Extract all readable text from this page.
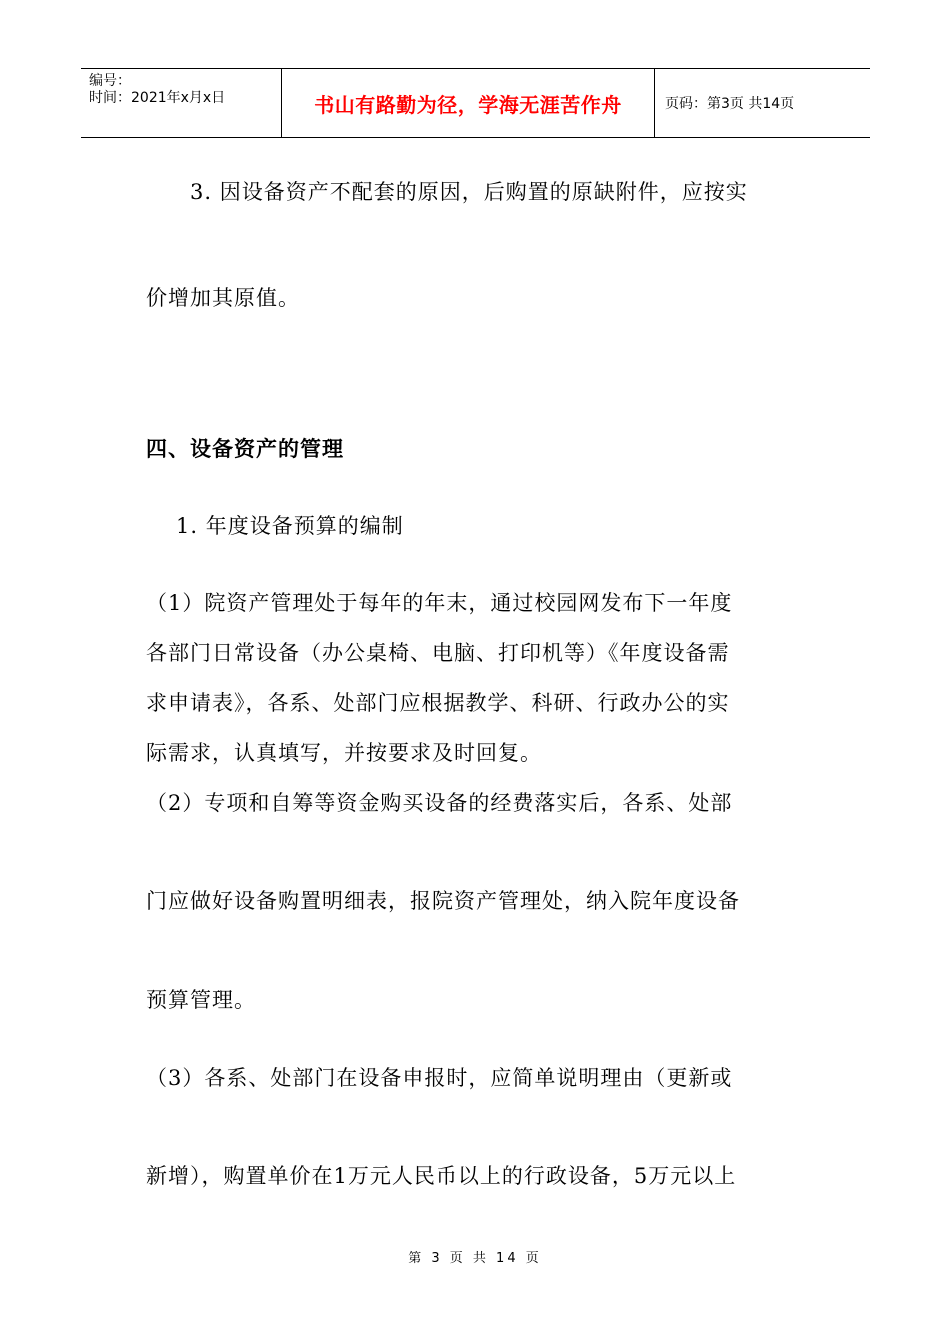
编号：
时间：2021年x月x日	书山有路勤为径，学海无涯苦作舟	页码：第3页 共14页
3. 因设备资产不配套的原因，后购置的原缺附件，应按实
价增加其原值。
四、设备资产的管理
1. 年度设备预算的编制
（1）院资产管理处于每年的年末，通过校园网发布下一年度
各部门日常设备（办公桌椅、电脑、打印机等）《年度设备需
求申请表》，各系、处部门应根据教学、科研、行政办公的实
际需求，认真填写，并按要求及时回复。
（2）专项和自筹等资金购买设备的经费落实后，各系、处部
门应做好设备购置明细表，报院资产管理处，纳入院年度设备
预算管理。
（3）各系、处部门在设备申报时，应简单说明理由（更新或
新增），购置单价在1万元人民币以上的行政设备，5万元以上
第 3 页 共 14 页
